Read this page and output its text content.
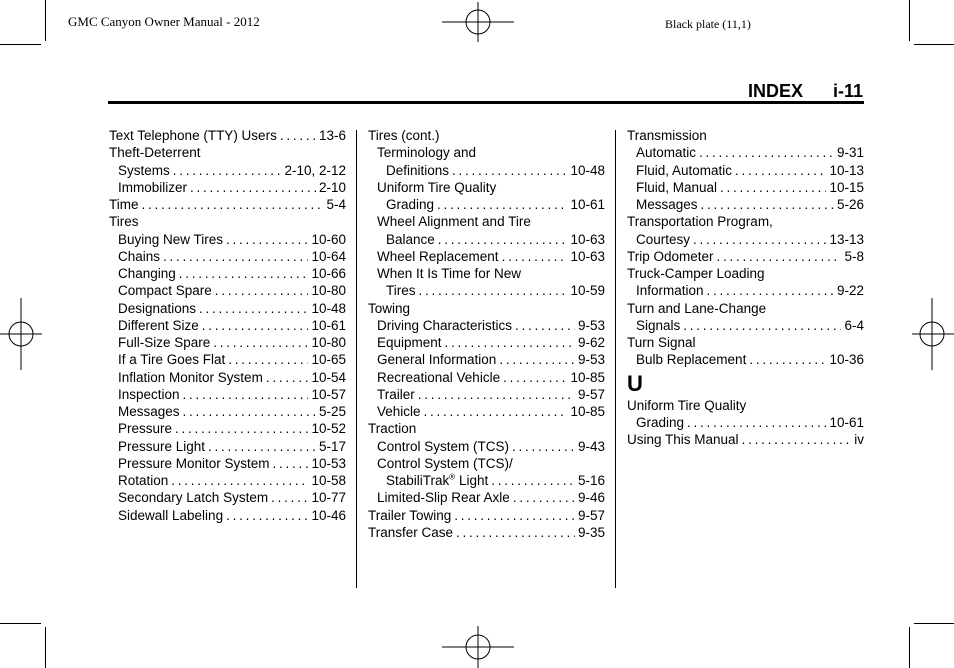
GMC Canyon Owner Manual - 2012	Black plate (11,1)
INDEX      i-11
Text Telephone (TTY) Users . . .	13-6
Theft-Deterrent
Systems . . .	2-10, 2-12
Immobilizer . . .	2-10
Time . . .	5-4
Tires
Buying New Tires . . .	10-60
Chains . . .	10-64
Changing . . .	10-66
Compact Spare . . .	10-80
Designations . . .	10-48
Different Size . . .	10-61
Full-Size Spare . . .	10-80
If a Tire Goes Flat . . .	10-65
Inflation Monitor System . . .	10-54
Inspection . . .	10-57
Messages . . .	5-25
Pressure . . .	10-52
Pressure Light . . .	5-17
Pressure Monitor System . . .	10-53
Rotation . . .	10-58
Secondary Latch System . . .	10-77
Sidewall Labeling . . .	10-46
Tires (cont.)
Terminology and
Definitions . . .	10-48
Uniform Tire Quality
Grading . . .	10-61
Wheel Alignment and Tire
Balance . . .	10-63
Wheel Replacement . . .	10-63
When It Is Time for New
Tires . . .	10-59
Towing
Driving Characteristics . . .	9-53
Equipment . . .	9-62
General Information . . .	9-53
Recreational Vehicle . . .	10-85
Trailer . . .	9-57
Vehicle . . .	10-85
Traction
Control System (TCS) . . .	9-43
Control System (TCS)/
StabiliTrak® Light . . .	5-16
Limited-Slip Rear Axle . . .	9-46
Trailer Towing . . .	9-57
Transfer Case . . .	9-35
Transmission
Automatic . . .	9-31
Fluid, Automatic . . .	10-13
Fluid, Manual . . .	10-15
Messages . . .	5-26
Transportation Program,
Courtesy . . .	13-13
Trip Odometer . . .	5-8
Truck-Camper Loading
Information . . .	9-22
Turn and Lane-Change
Signals . . .	6-4
Turn Signal
Bulb Replacement . . .	10-36
U
Uniform Tire Quality
Grading . . .	10-61
Using This Manual . . .	iv
